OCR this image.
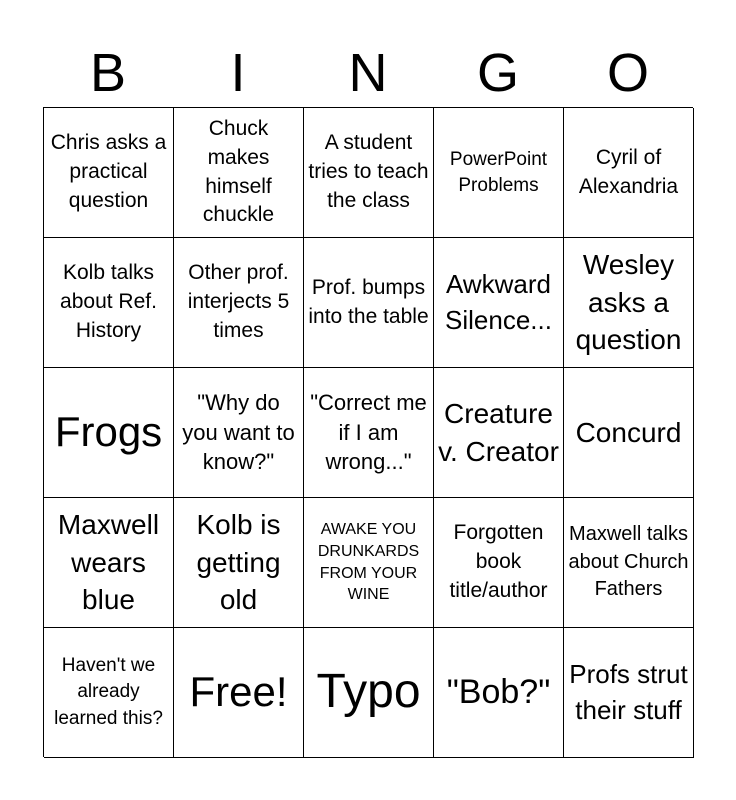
B	I	N	G	O
Chris asks a practical question
Chuck makes himself chuckle
A student tries to teach the class
PowerPoint Problems
Cyril of Alexandria
Kolb talks about Ref. History
Other prof. interjects 5 times
Prof. bumps into the table
Awkward Silence...
Wesley asks a question
Frogs
"Why do you want to know?"
"Correct me if I am wrong..."
Creature v. Creator
Concurd
Maxwell wears blue
Kolb is getting old
AWAKE YOU DRUNKARDS FROM YOUR WINE
Forgotten book title/author
Maxwell talks about Church Fathers
Haven't we already learned this?
Free! Typo "Bob?" Profs strut their stuff
